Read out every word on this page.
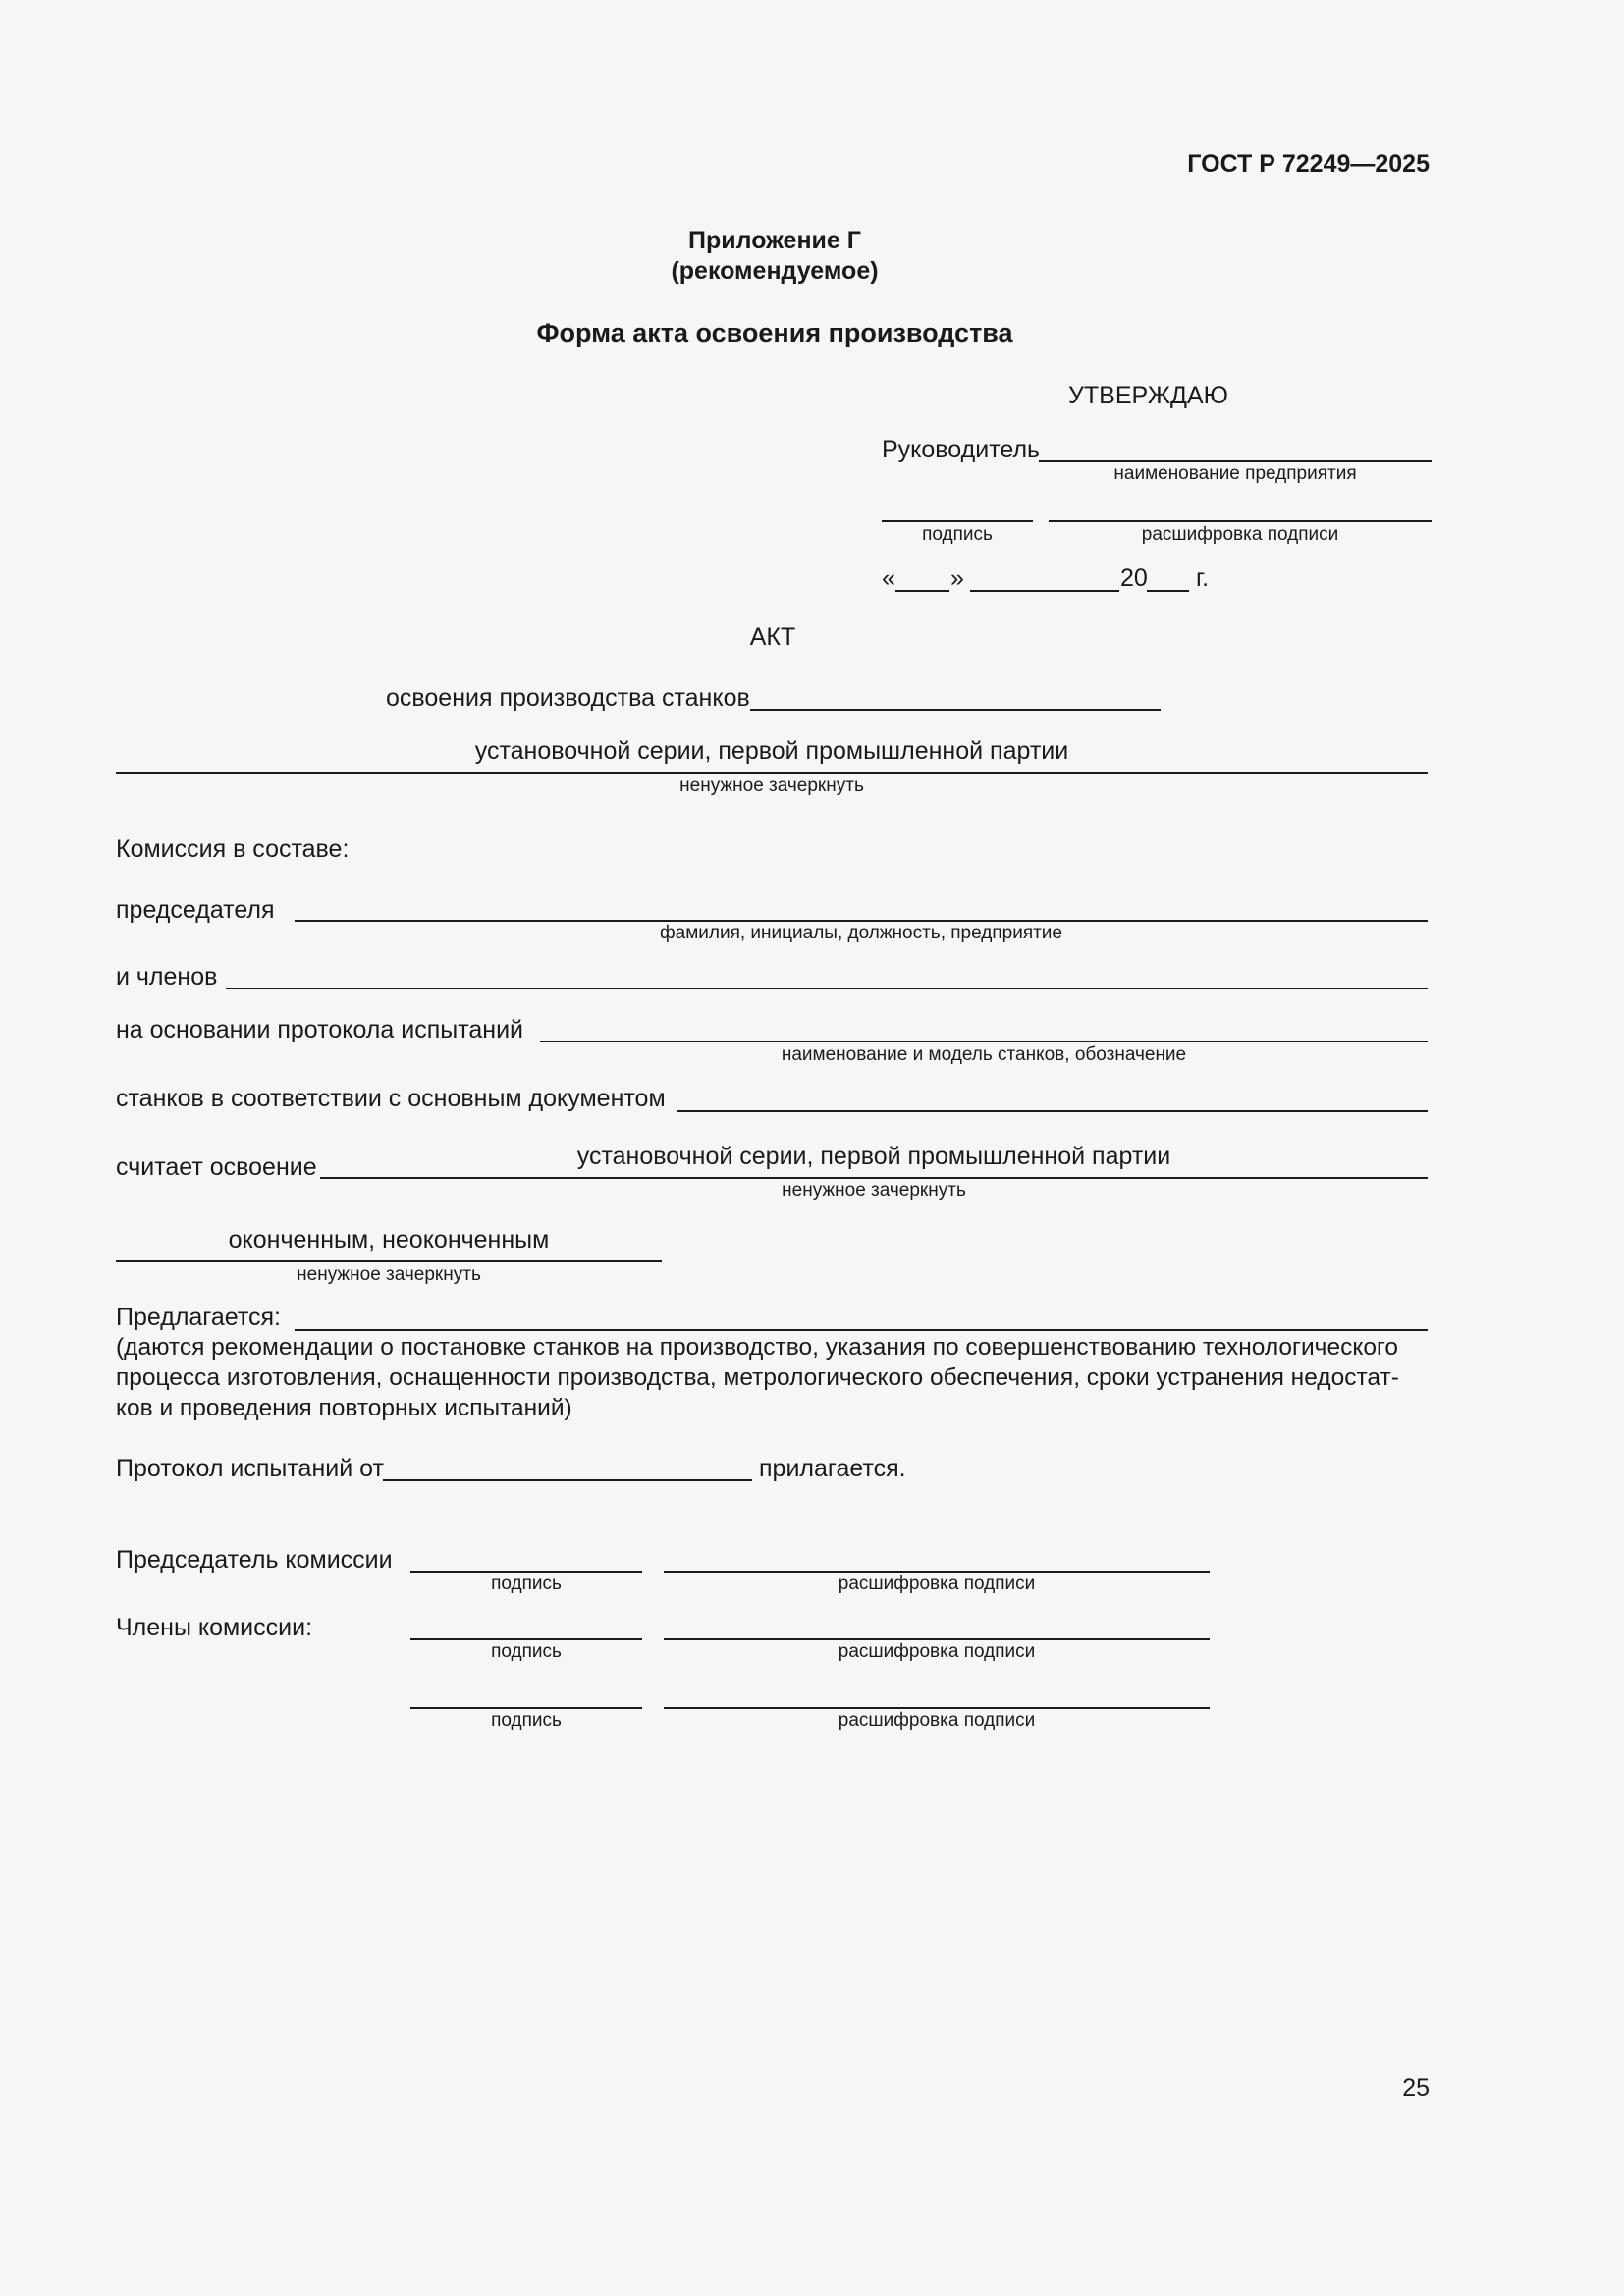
ГОСТ Р 72249—2025
Приложение Г
(рекомендуемое)
Форма акта освоения производства
УТВЕРЖДАЮ
Руководитель
наименование предприятия
подпись	расшифровка подписи
« »	20 г.
АКТ
освоения производства станков
установочной серии, первой промышленной партии
ненужное зачеркнуть
Комиссия в составе:
председателя
фамилия, инициалы, должность, предприятие
и членов
на основании протокола испытаний
наименование и модель станков, обозначение
станков в соответствии с основным документом
считает освоение	установочной серии, первой промышленной партии
ненужное зачеркнуть
оконченным, неоконченным
ненужное зачеркнуть
Предлагается:
(даются рекомендации о постановке станков на производство, указания по совершенствованию технологического
процесса изготовления, оснащенности производства, метрологического обеспечения, сроки устранения недостат-
ков и проведения повторных испытаний)
Протокол испытаний от	прилагается.
Председатель комиссии
подпись	расшифровка подписи
Члены комиссии:
подпись	расшифровка подписи
подпись	расшифровка подписи
25
